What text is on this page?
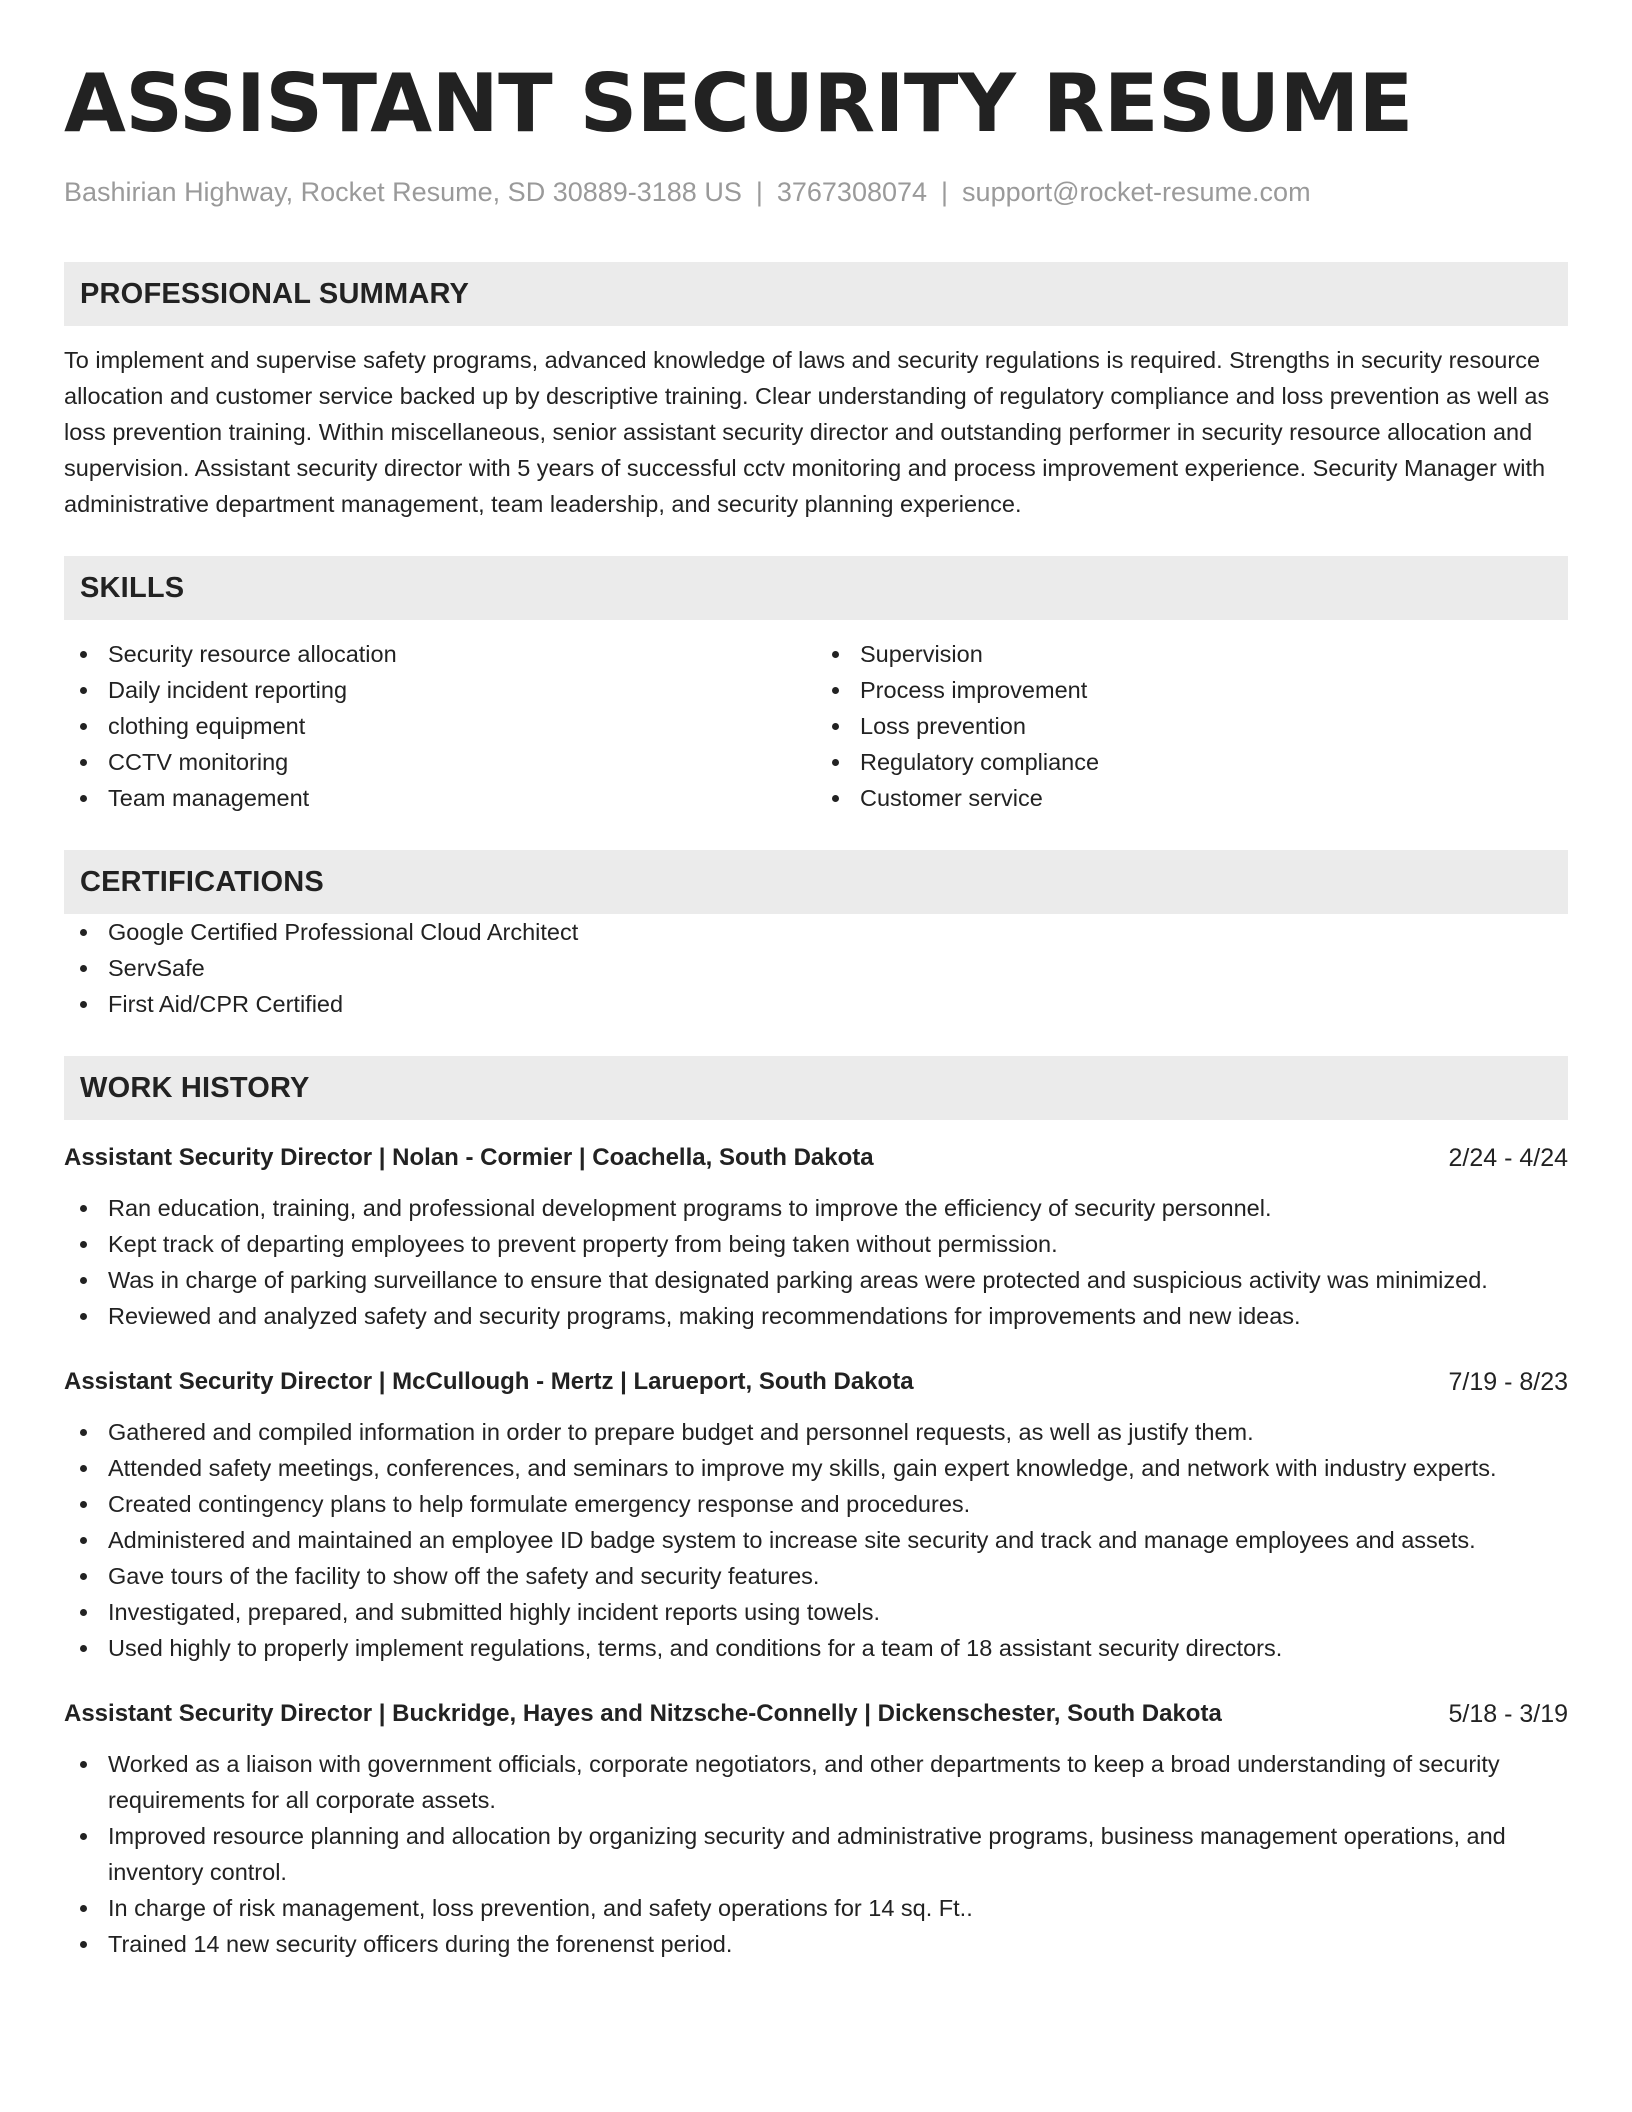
ASSISTANT SECURITY RESUME
Bashirian Highway, Rocket Resume, SD 30889-3188 US | 3767308074 | support@rocket-resume.com
PROFESSIONAL SUMMARY

To implement and supervise safety programs, advanced knowledge of laws and security regulations is required. Strengths in security resource allocation and customer service backed up by descriptive training. Clear understanding of regulatory compliance and loss prevention as well as loss prevention training. Within miscellaneous, senior assistant security director and outstanding performer in security resource allocation and supervision. Assistant security director with 5 years of successful cctv monitoring and process improvement experience. Security Manager with administrative department management, team leadership, and security planning experience.

SKILLS
Security resource allocation
Daily incident reporting
clothing equipment
CCTV monitoring
Team management
Supervision
Process improvement
Loss prevention
Regulatory compliance
Customer service
CERTIFICATIONS
Google Certified Professional Cloud Architect
ServSafe
First Aid/CPR Certified
WORK HISTORY
Assistant Security Director | Nolan - Cormier | Coachella, South Dakota	2/24 - 4/24
Ran education, training, and professional development programs to improve the efficiency of security personnel.
Kept track of departing employees to prevent property from being taken without permission.
Was in charge of parking surveillance to ensure that designated parking areas were protected and suspicious activity was minimized.
Reviewed and analyzed safety and security programs, making recommendations for improvements and new ideas.
Assistant Security Director | McCullough - Mertz | Larueport, South Dakota	7/19 - 8/23
Gathered and compiled information in order to prepare budget and personnel requests, as well as justify them.
Attended safety meetings, conferences, and seminars to improve my skills, gain expert knowledge, and network with industry experts.
Created contingency plans to help formulate emergency response and procedures.
Administered and maintained an employee ID badge system to increase site security and track and manage employees and assets.
Gave tours of the facility to show off the safety and security features.
Investigated, prepared, and submitted highly incident reports using towels.
Used highly to properly implement regulations, terms, and conditions for a team of 18 assistant security directors.
Assistant Security Director | Buckridge, Hayes and Nitzsche-Connelly | Dickenschester, South Dakota	5/18 - 3/19
Worked as a liaison with government officials, corporate negotiators, and other departments to keep a broad understanding of security requirements for all corporate assets.
Improved resource planning and allocation by organizing security and administrative programs, business management operations, and inventory control.
In charge of risk management, loss prevention, and safety operations for 14 sq. Ft..
Trained 14 new security officers during the forenenst period.
